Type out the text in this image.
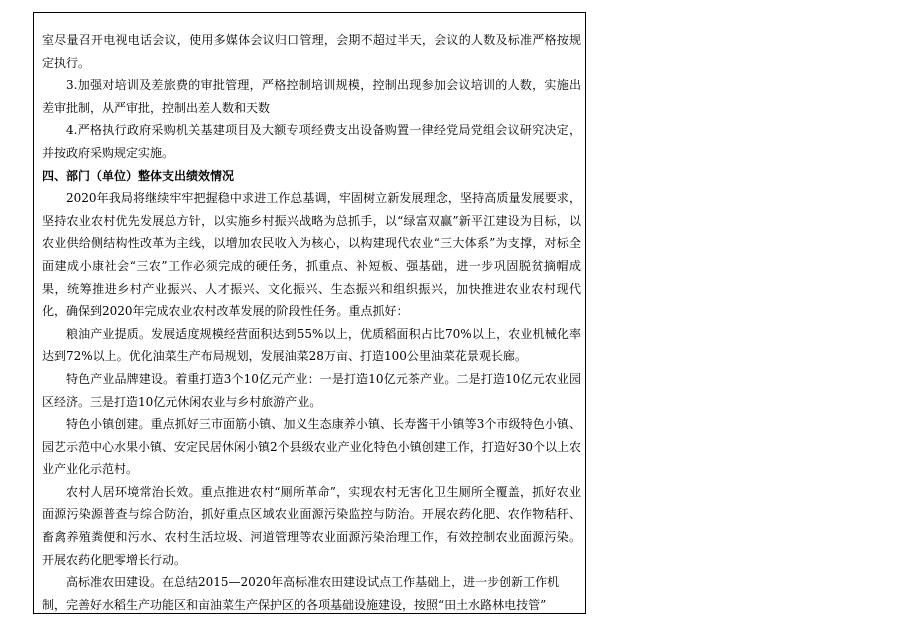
室尽量召开电视电话会议，使用多媒体会议归口管理，会期不超过半天，会议的人数及标准严格按规定执行。

3.加强对培训及差旅费的审批管理，严格控制培训规模，控制出现参加会议培训的人数，实施出差审批制，从严审批，控制出差人数和天数

4.严格执行政府采购机关基建项目及大额专项经费支出设备购置一律经党局党组会议研究决定，并按政府采购规定实施。

四、部门（单位）整体支出绩效情况

2020年我局将继续牢牢把握稳中求进工作总基调，牢固树立新发展理念，坚持高质量发展要求，坚持农业农村优先发展总方针，以实施乡村振兴战略为总抓手，以“绿富双赢”新平江建设为目标，以农业供给侧结构性改革为主线，以增加农民收入为核心，以构建现代农业“三大体系”为支撑，对标全面建成小康社会“三农”工作必须完成的硬任务，抓重点、补短板、强基础，进一步巩固脱贫摘帽成果，统筹推进乡村产业振兴、人才振兴、文化振兴、生态振兴和组织振兴，加快推进农业农村现代化，确保到2020年完成农业农村改革发展的阶段性任务。重点抓好：

粮油产业提质。发展适度规模经营面积达到55%以上，优质稻面积占比70%以上，农业机械化率达到72%以上。优化油菜生产布局规划，发展油菜28万亩、打造100公里油菜花景观长廊。

特色产业品牌建设。着重打造3个10亿元产业：一是打造10亿元茶产业。二是打造10亿元农业园区经济。三是打造10亿元休闲农业与乡村旅游产业。

特色小镇创建。重点抓好三市面筋小镇、加义生态康养小镇、长寿酱干小镇等3个市级特色小镇、园艺示范中心水果小镇、安定民居休闲小镇2个县级农业产业化特色小镇创建工作，打造好30个以上农业产业化示范村。

农村人居环境常治长效。重点推进农村“厕所革命”，实现农村无害化卫生厕所全覆盖，抓好农业面源污染源普查与综合防治，抓好重点区域农业面源污染监控与防治。开展农药化肥、农作物秸秆、畜禽养殖粪便和污水、农村生活垃圾、河道管理等农业面源污染治理工作，有效控制农业面源污染。开展农药化肥零增长行动。

高标准农田建设。在总结2015—2020年高标准农田建设试点工作基础上，进一步创新工作机

制，完善好水稻生产功能区和亩油菜生产保护区的各项基础设施建设，按照“田土水路林电技管”
